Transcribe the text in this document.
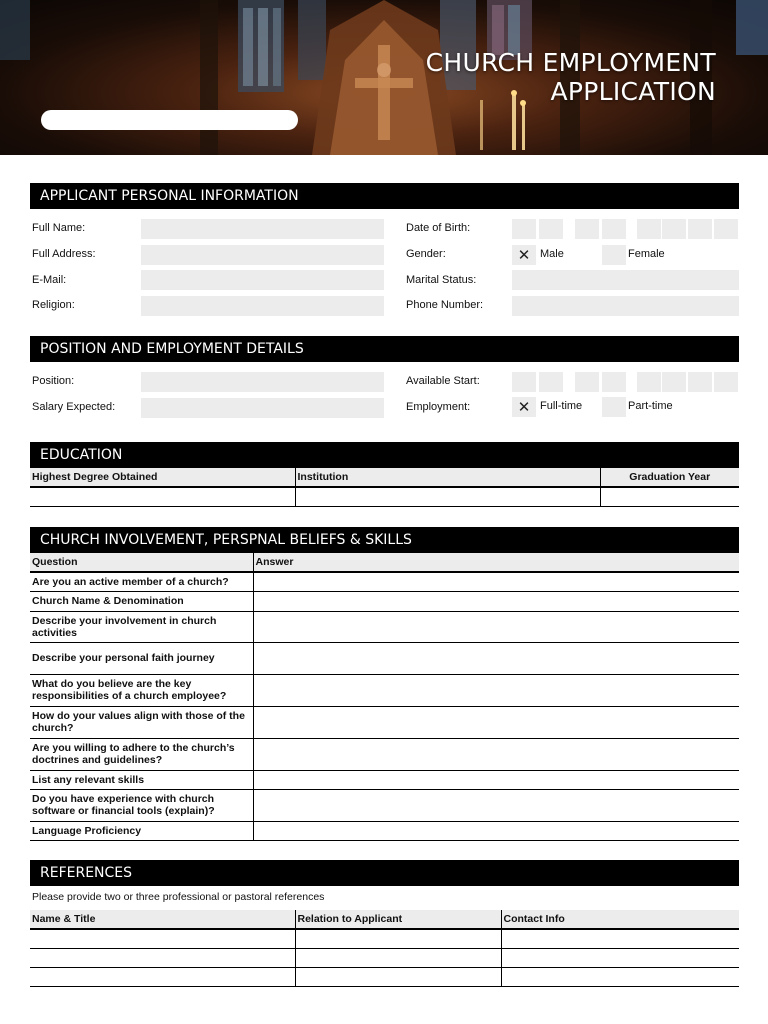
CHURCH EMPLOYMENT
APPLICATION
APPLICANT PERSONAL INFORMATION
Full Name:
Full Address:
E-Mail:
Religion:
Date of Birth:
Gender:	✕ Male	Female
Marital Status:
Phone Number:
POSITION AND EMPLOYMENT DETAILS
Position:
Salary Expected:
Available Start:
Employment:	✕ Full-time	Part-time
EDUCATION
Highest Degree Obtained	Institution	Graduation Year

CHURCH INVOLVEMENT, PERSPNAL BELIEFS & SKILLS
Question	Answer
Are you an active member of a church?	
Church Name & Denomination	
Describe your involvement in church activities	
Describe your personal faith journey	
What do you believe are the key responsibilities of a church employee?	
How do your values align with those of the church?	
Are you willing to adhere to the church’s doctrines and guidelines?	
List any relevant skills	
Do you have experience with church software or financial tools (explain)?	
Language Proficiency	
REFERENCES
Please provide two or three professional or pastoral references
Name & Title	Relation to Applicant	Contact Info
